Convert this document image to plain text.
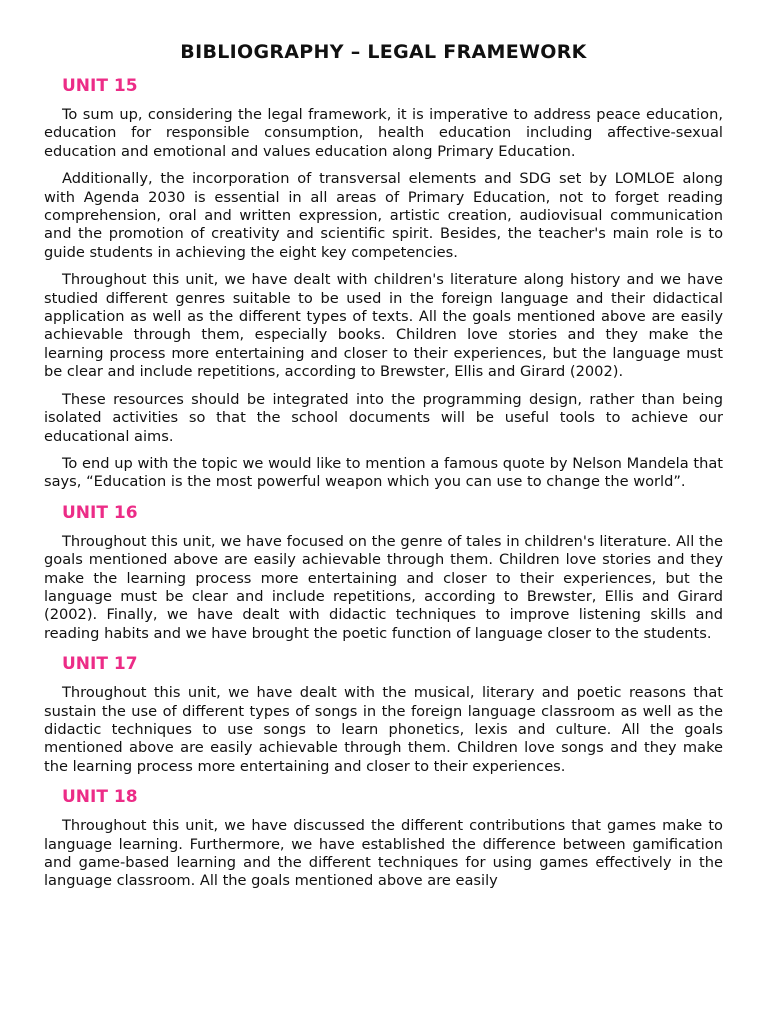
BIBLIOGRAPHY – LEGAL FRAMEWORK
UNIT 15

To sum up, considering the legal framework, it is imperative to address peace education, education for responsible consumption, health education including affective-sexual education and emotional and values education along Primary Education.

Additionally, the incorporation of transversal elements and SDG set by LOMLOE along with Agenda 2030 is essential in all areas of Primary Education, not to forget reading comprehension, oral and written expression, artistic creation, audiovisual communication and the promotion of creativity and scientific spirit. Besides, the teacher's main role is to guide students in achieving the eight key competencies.

Throughout this unit, we have dealt with children's literature along history and we have studied different genres suitable to be used in the foreign language and their didactical application as well as the different types of texts. All the goals mentioned above are easily achievable through them, especially books. Children love stories and they make the learning process more entertaining and closer to their experiences, but the language must be clear and include repetitions, according to Brewster, Ellis and Girard (2002).

These resources should be integrated into the programming design, rather than being isolated activities so that the school documents will be useful tools to achieve our educational aims.

To end up with the topic we would like to mention a famous quote by Nelson Mandela that says, “Education is the most powerful weapon which you can use to change the world”.

UNIT 16

Throughout this unit, we have focused on the genre of tales in children's literature. All the goals mentioned above are easily achievable through them. Children love stories and they make the learning process more entertaining and closer to their experiences, but the language must be clear and include repetitions, according to Brewster, Ellis and Girard (2002). Finally, we have dealt with didactic techniques to improve listening skills and reading habits and we have brought the poetic function of language closer to the students.

UNIT 17

Throughout this unit, we have dealt with the musical, literary and poetic reasons that sustain the use of different types of songs in the foreign language classroom as well as the didactic techniques to use songs to learn phonetics, lexis and culture. All the goals mentioned above are easily achievable through them. Children love songs and they make the learning process more entertaining and closer to their experiences.

UNIT 18

Throughout this unit, we have discussed the different contributions that games make to language learning. Furthermore, we have established the difference between gamification and game-based learning and the different techniques for using games effectively in the language classroom. All the goals mentioned above are easily
